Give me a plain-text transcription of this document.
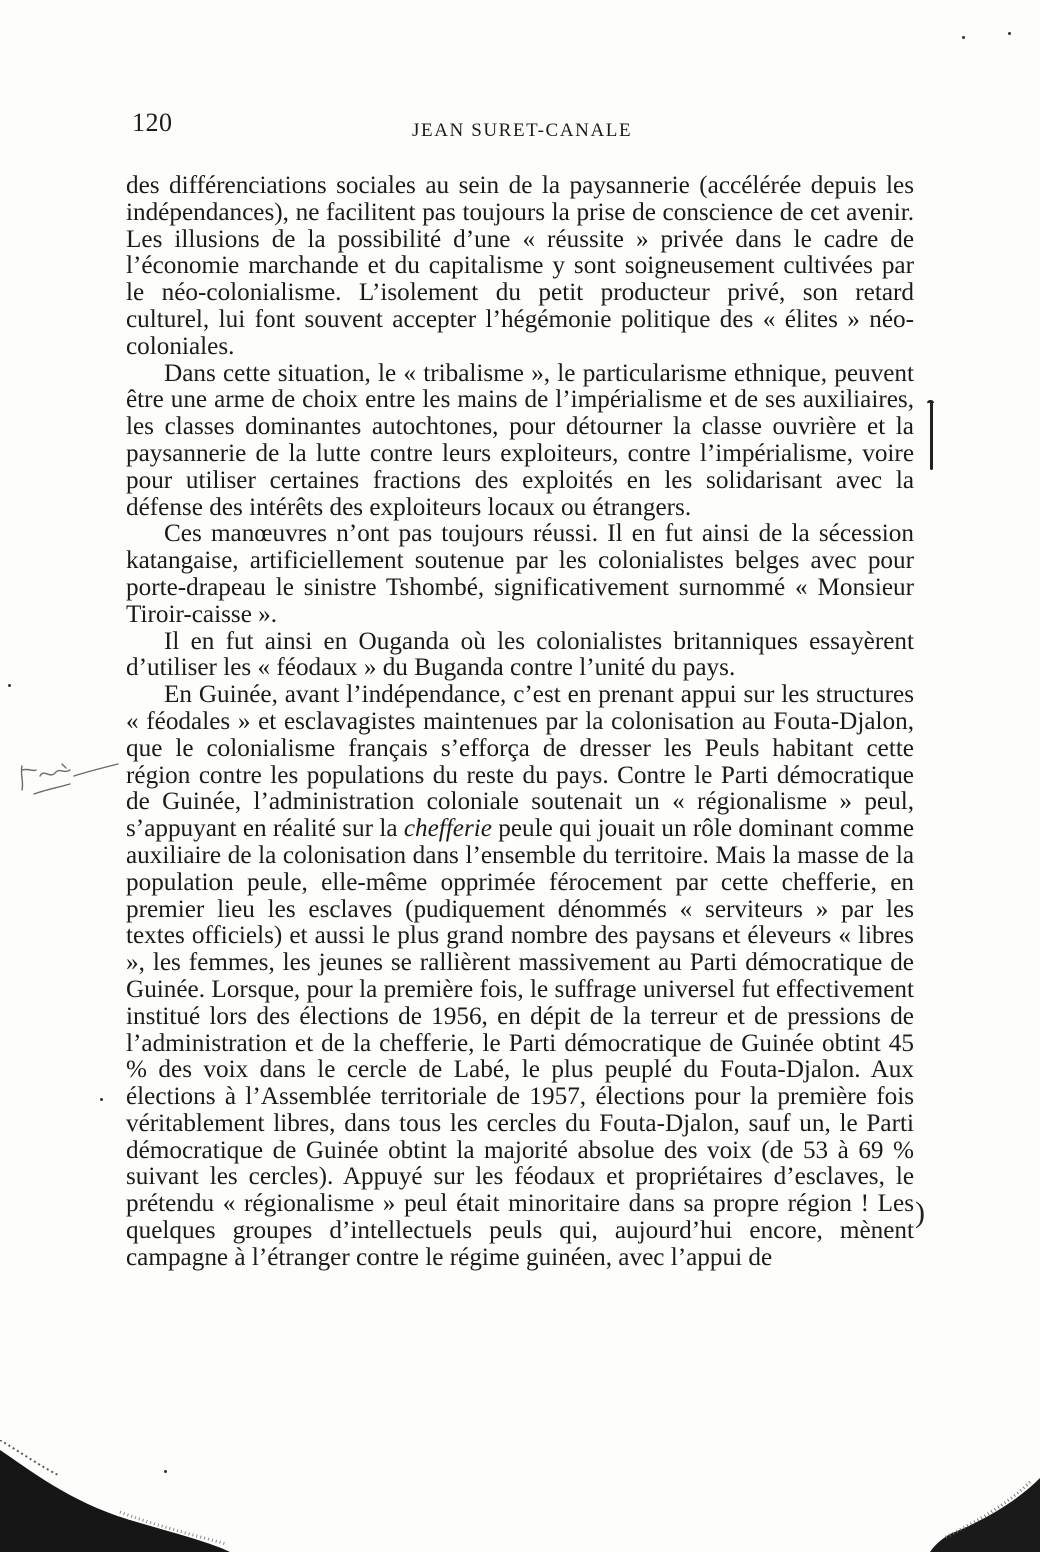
120	JEAN SURET-CANALE

des différenciations sociales au sein de la paysannerie (accélérée depuis les indépendances), ne facilitent pas toujours la prise de conscience de cet avenir. Les illusions de la possibilité d’une « réussite » privée dans le cadre de l’économie marchande et du capitalisme y sont soigneusement cultivées par le néo-colonialisme. L’isolement du petit producteur privé, son retard culturel, lui font souvent accepter l’hégémonie politique des « élites » néo-coloniales.

Dans cette situation, le « tribalisme », le particularisme ethnique, peuvent être une arme de choix entre les mains de l’impérialisme et de ses auxiliaires, les classes dominantes autochtones, pour détourner la classe ouvrière et la paysannerie de la lutte contre leurs exploiteurs, contre l’impérialisme, voire pour utiliser certaines fractions des exploités en les solidarisant avec la défense des intérêts des exploiteurs locaux ou étrangers.

Ces manœuvres n’ont pas toujours réussi. Il en fut ainsi de la sécession katangaise, artificiellement soutenue par les colonialistes belges avec pour porte-drapeau le sinistre Tshombé, significativement surnommé « Monsieur Tiroir-caisse ».

Il en fut ainsi en Ouganda où les colonialistes britanniques essayèrent d’utiliser les « féodaux » du Buganda contre l’unité du pays.

En Guinée, avant l’indépendance, c’est en prenant appui sur les structures « féodales » et esclavagistes maintenues par la colonisation au Fouta-Djalon, que le colonialisme français s’efforça de dresser les Peuls habitant cette région contre les populations du reste du pays. Contre le Parti démocratique de Guinée, l’administration coloniale soutenait un « régionalisme » peul, s’appuyant en réalité sur la chefferie peule qui jouait un rôle dominant comme auxiliaire de la colonisation dans l’ensemble du territoire. Mais la masse de la population peule, elle-même opprimée férocement par cette chefferie, en premier lieu les esclaves (pudiquement dénommés « serviteurs » par les textes officiels) et aussi le plus grand nombre des paysans et éleveurs « libres », les femmes, les jeunes se rallièrent massivement au Parti démocratique de Guinée. Lorsque, pour la première fois, le suffrage universel fut effectivement institué lors des élections de 1956, en dépit de la terreur et de pressions de l’administration et de la chefferie, le Parti démocratique de Guinée obtint 45 % des voix dans le cercle de Labé, le plus peuplé du Fouta-Djalon. Aux élections à l’Assemblée territoriale de 1957, élections pour la première fois véritablement libres, dans tous les cercles du Fouta-Djalon, sauf un, le Parti démocratique de Guinée obtint la majorité absolue des voix (de 53 à 69 % suivant les cercles). Appuyé sur les féodaux et propriétaires d’esclaves, le prétendu « régionalisme » peul était minoritaire dans sa propre région ! Les quelques groupes d’intellectuels peuls qui, aujourd’hui encore, mènent campagne à l’étranger contre le régime guinéen, avec l’appui de

)
